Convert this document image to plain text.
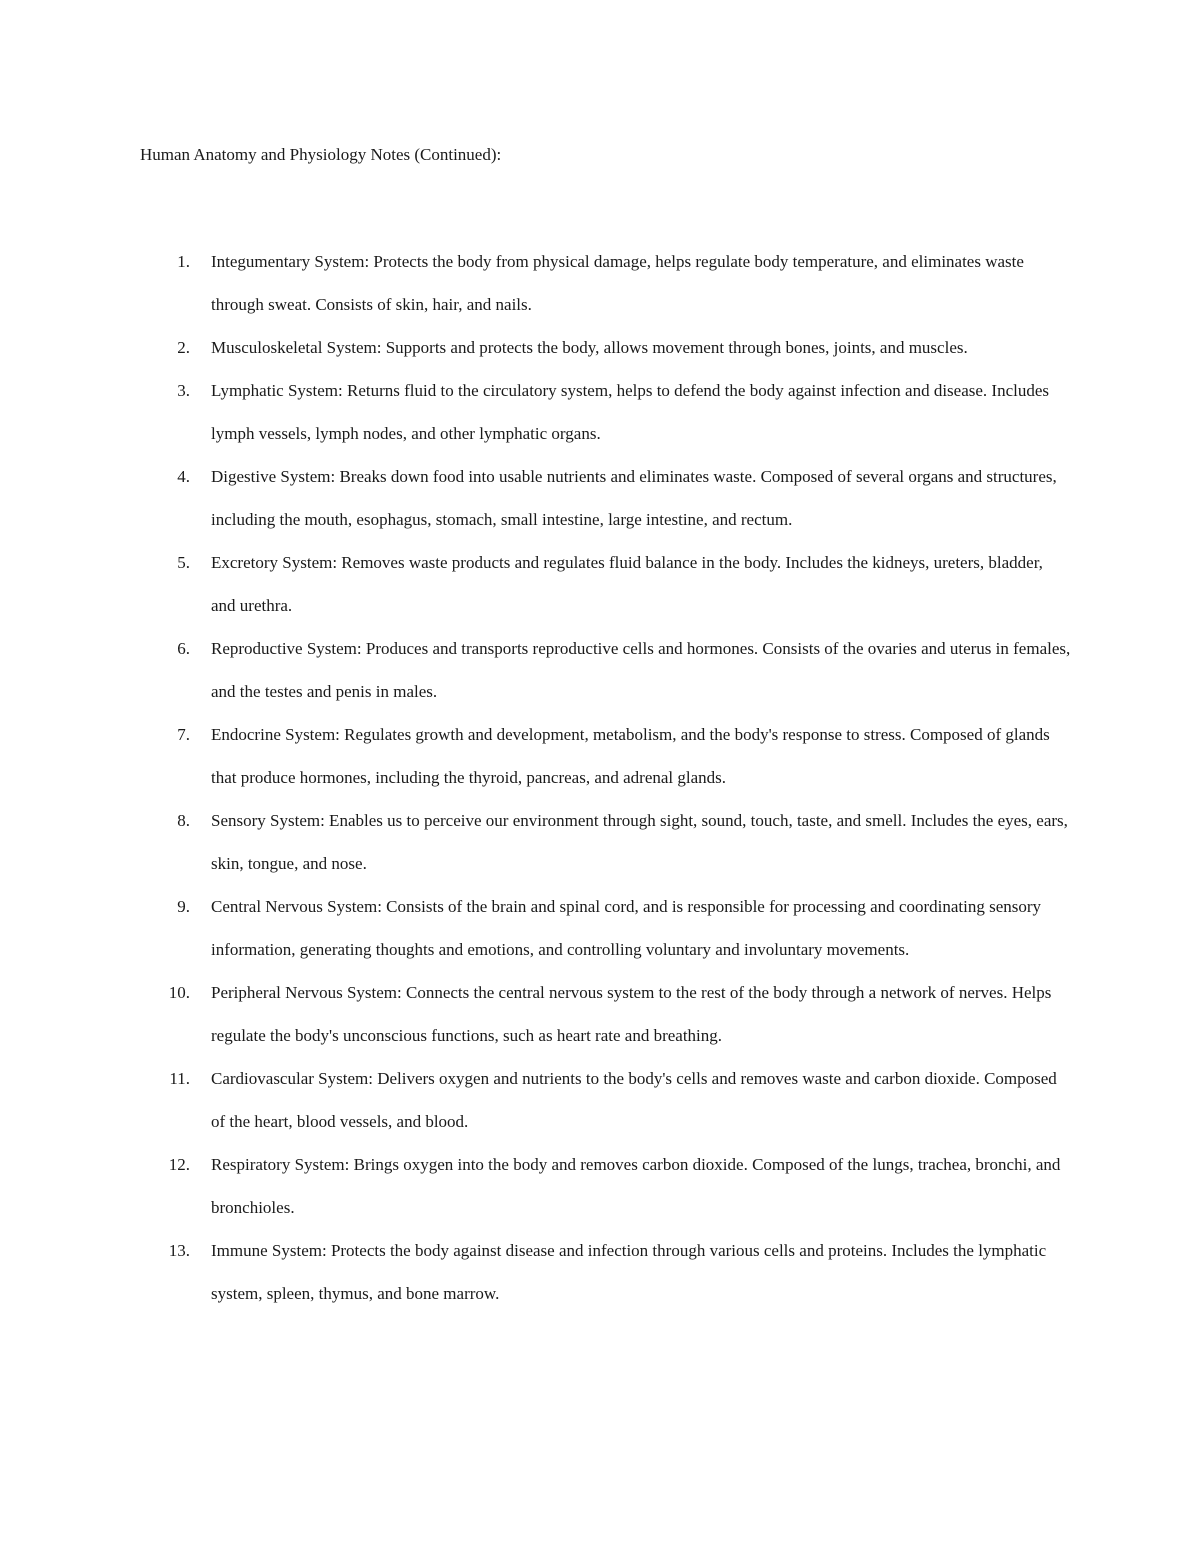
Human Anatomy and Physiology Notes (Continued):
1. Integumentary System: Protects the body from physical damage, helps regulate body temperature, and eliminates waste through sweat. Consists of skin, hair, and nails.
2. Musculoskeletal System: Supports and protects the body, allows movement through bones, joints, and muscles.
3. Lymphatic System: Returns fluid to the circulatory system, helps to defend the body against infection and disease. Includes lymph vessels, lymph nodes, and other lymphatic organs.
4. Digestive System: Breaks down food into usable nutrients and eliminates waste. Composed of several organs and structures, including the mouth, esophagus, stomach, small intestine, large intestine, and rectum.
5. Excretory System: Removes waste products and regulates fluid balance in the body. Includes the kidneys, ureters, bladder, and urethra.
6. Reproductive System: Produces and transports reproductive cells and hormones. Consists of the ovaries and uterus in females, and the testes and penis in males.
7. Endocrine System: Regulates growth and development, metabolism, and the body's response to stress. Composed of glands that produce hormones, including the thyroid, pancreas, and adrenal glands.
8. Sensory System: Enables us to perceive our environment through sight, sound, touch, taste, and smell. Includes the eyes, ears, skin, tongue, and nose.
9. Central Nervous System: Consists of the brain and spinal cord, and is responsible for processing and coordinating sensory information, generating thoughts and emotions, and controlling voluntary and involuntary movements.
10. Peripheral Nervous System: Connects the central nervous system to the rest of the body through a network of nerves. Helps regulate the body's unconscious functions, such as heart rate and breathing.
11. Cardiovascular System: Delivers oxygen and nutrients to the body's cells and removes waste and carbon dioxide. Composed of the heart, blood vessels, and blood.
12. Respiratory System: Brings oxygen into the body and removes carbon dioxide. Composed of the lungs, trachea, bronchi, and bronchioles.
13. Immune System: Protects the body against disease and infection through various cells and proteins. Includes the lymphatic system, spleen, thymus, and bone marrow.
